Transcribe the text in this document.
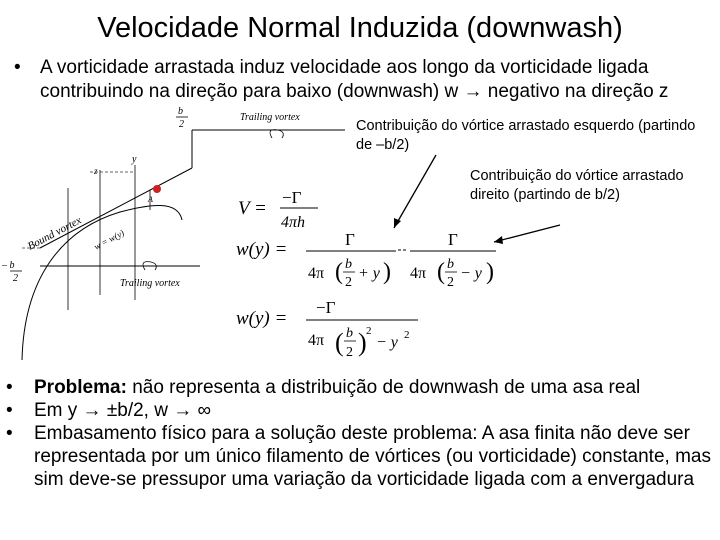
Velocidade Normal Induzida (downwash)
•	A vorticidade arrastada induz velocidade aos longo da vorticidade ligada contribuindo na direção para baixo (downwash) w → negativo na direção z
b
2
Trailing vortex
Trailing vortex
y
z
A
Bound vortex w = w(y)
– b
2
Contribuição do vórtice arrastado esquerdo (partindo de –b/2)
Contribuição do vórtice arrastado direito (partindo de b/2)
V =
−Γ
4πh
w(y) =	Γ
4π ( b
2
+ y )
Γ
4π ( b
2
− y )
w(y) =
−Γ
4π ( b
2 ) 2
− y 2

• Problema: não representa a distribuição de downwash de uma asa real

• Em y → ±b/2, w → ∞

• Embasamento físico para a solução deste problema: A asa finita não deve ser representada por um único filamento de vórtices (ou vorticidade) constante, mas sim deve-se pressupor uma variação da vorticidade ligada com a envergadura
